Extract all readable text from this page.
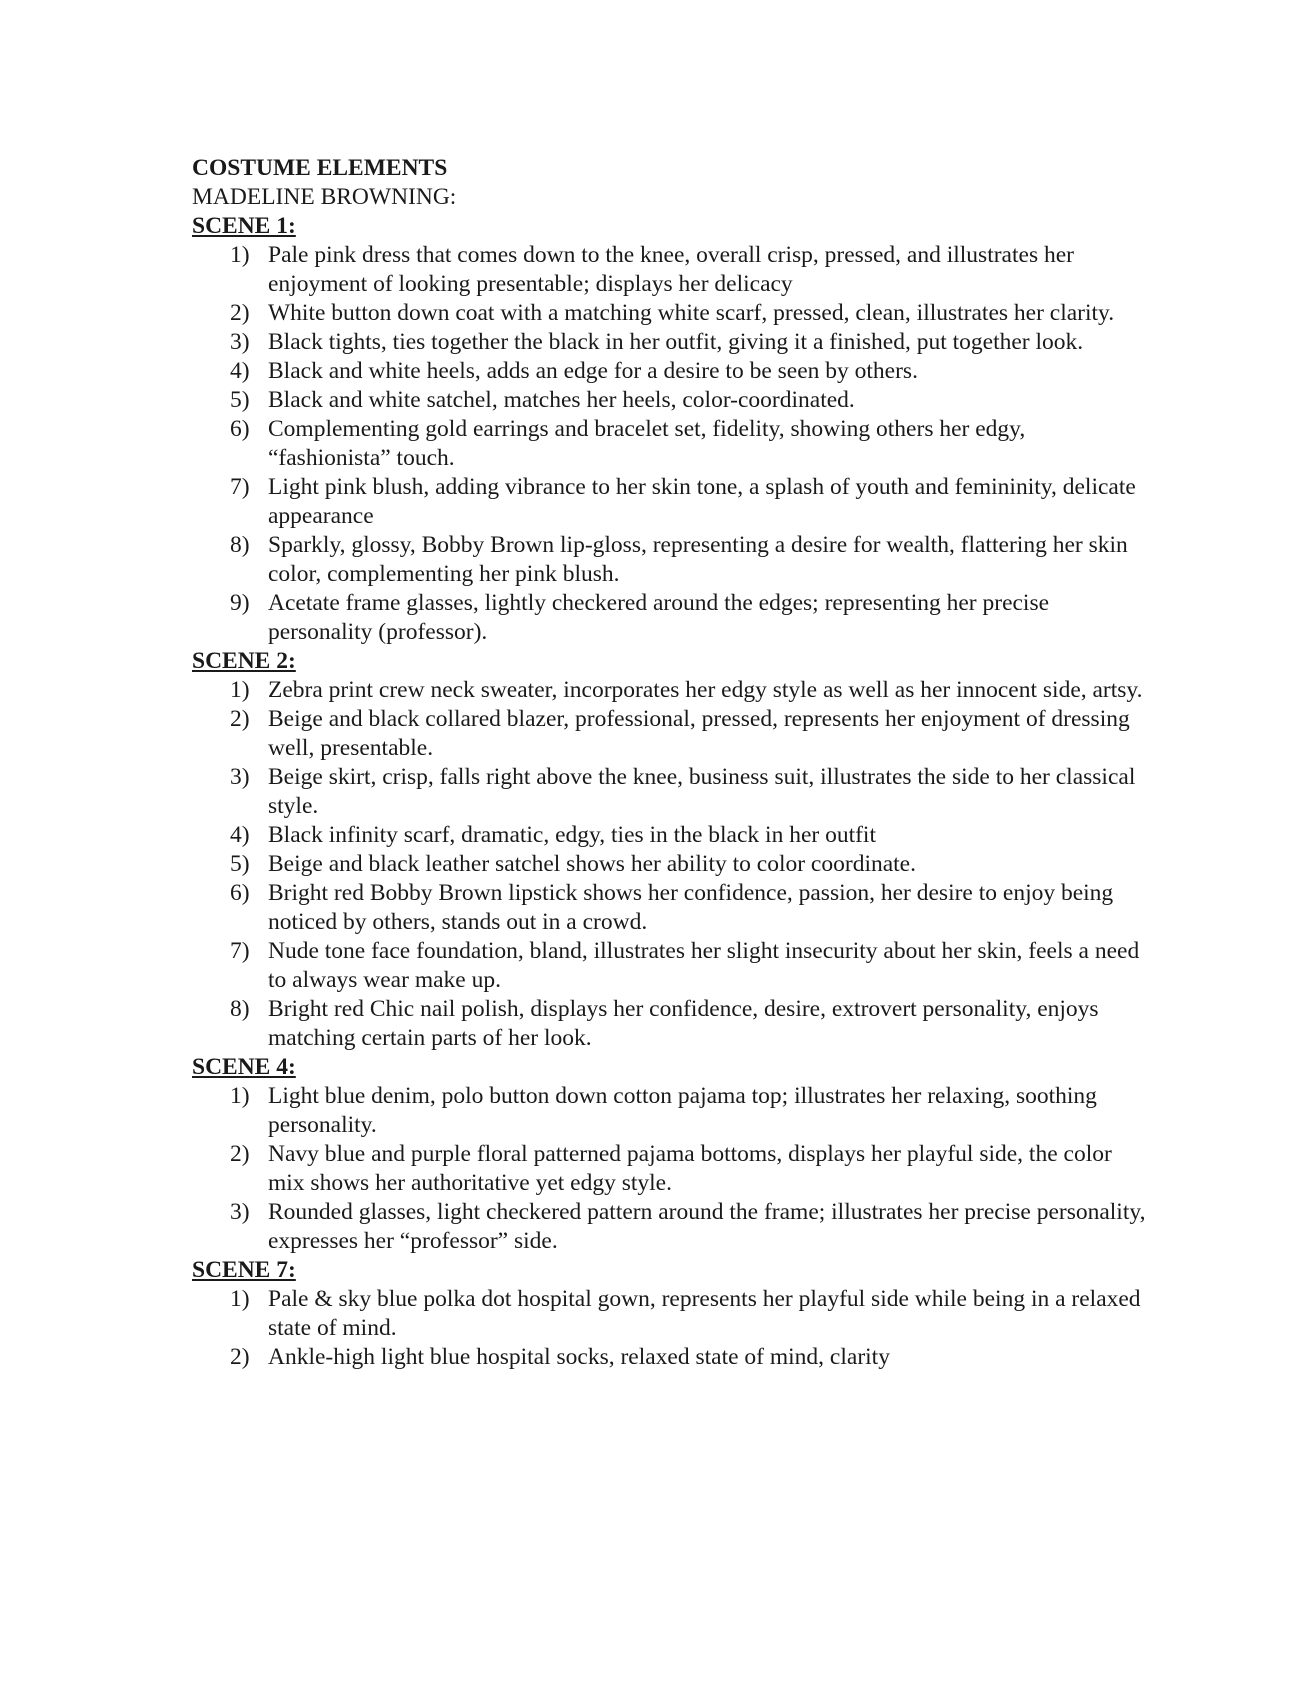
COSTUME ELEMENTS

MADELINE BROWNING:

SCENE 1:

1) Pale pink dress that comes down to the knee, overall crisp, pressed, and illustrates her enjoyment of looking presentable; displays her delicacy
2) White button down coat with a matching white scarf, pressed, clean, illustrates her clarity.
3) Black tights, ties together the black in her outfit, giving it a finished, put together look.
4) Black and white heels, adds an edge for a desire to be seen by others.
5) Black and white satchel, matches her heels, color-coordinated.
6) Complementing gold earrings and bracelet set, fidelity, showing others her edgy, “fashionista” touch.
7) Light pink blush, adding vibrance to her skin tone, a splash of youth and femininity, delicate appearance
8) Sparkly, glossy, Bobby Brown lip-gloss, representing a desire for wealth, flattering her skin color, complementing her pink blush.
9) Acetate frame glasses, lightly checkered around the edges; representing her precise personality (professor).

SCENE 2:

1) Zebra print crew neck sweater, incorporates her edgy style as well as her innocent side, artsy.
2) Beige and black collared blazer, professional, pressed, represents her enjoyment of dressing well, presentable.
3) Beige skirt, crisp, falls right above the knee, business suit, illustrates the side to her classical style.
4) Black infinity scarf, dramatic, edgy, ties in the black in her outfit
5) Beige and black leather satchel shows her ability to color coordinate.
6) Bright red Bobby Brown lipstick shows her confidence, passion, her desire to enjoy being noticed by others, stands out in a crowd.
7) Nude tone face foundation, bland, illustrates her slight insecurity about her skin, feels a need to always wear make up.
8) Bright red Chic nail polish, displays her confidence, desire, extrovert personality, enjoys matching certain parts of her look.

SCENE 4:

1) Light blue denim, polo button down cotton pajama top; illustrates her relaxing, soothing personality.
2) Navy blue and purple floral patterned pajama bottoms, displays her playful side, the color mix shows her authoritative yet edgy style.
3) Rounded glasses, light checkered pattern around the frame; illustrates her precise personality, expresses her “professor” side.

SCENE 7:

1) Pale & sky blue polka dot hospital gown, represents her playful side while being in a relaxed state of mind.
2) Ankle-high light blue hospital socks, relaxed state of mind, clarity
